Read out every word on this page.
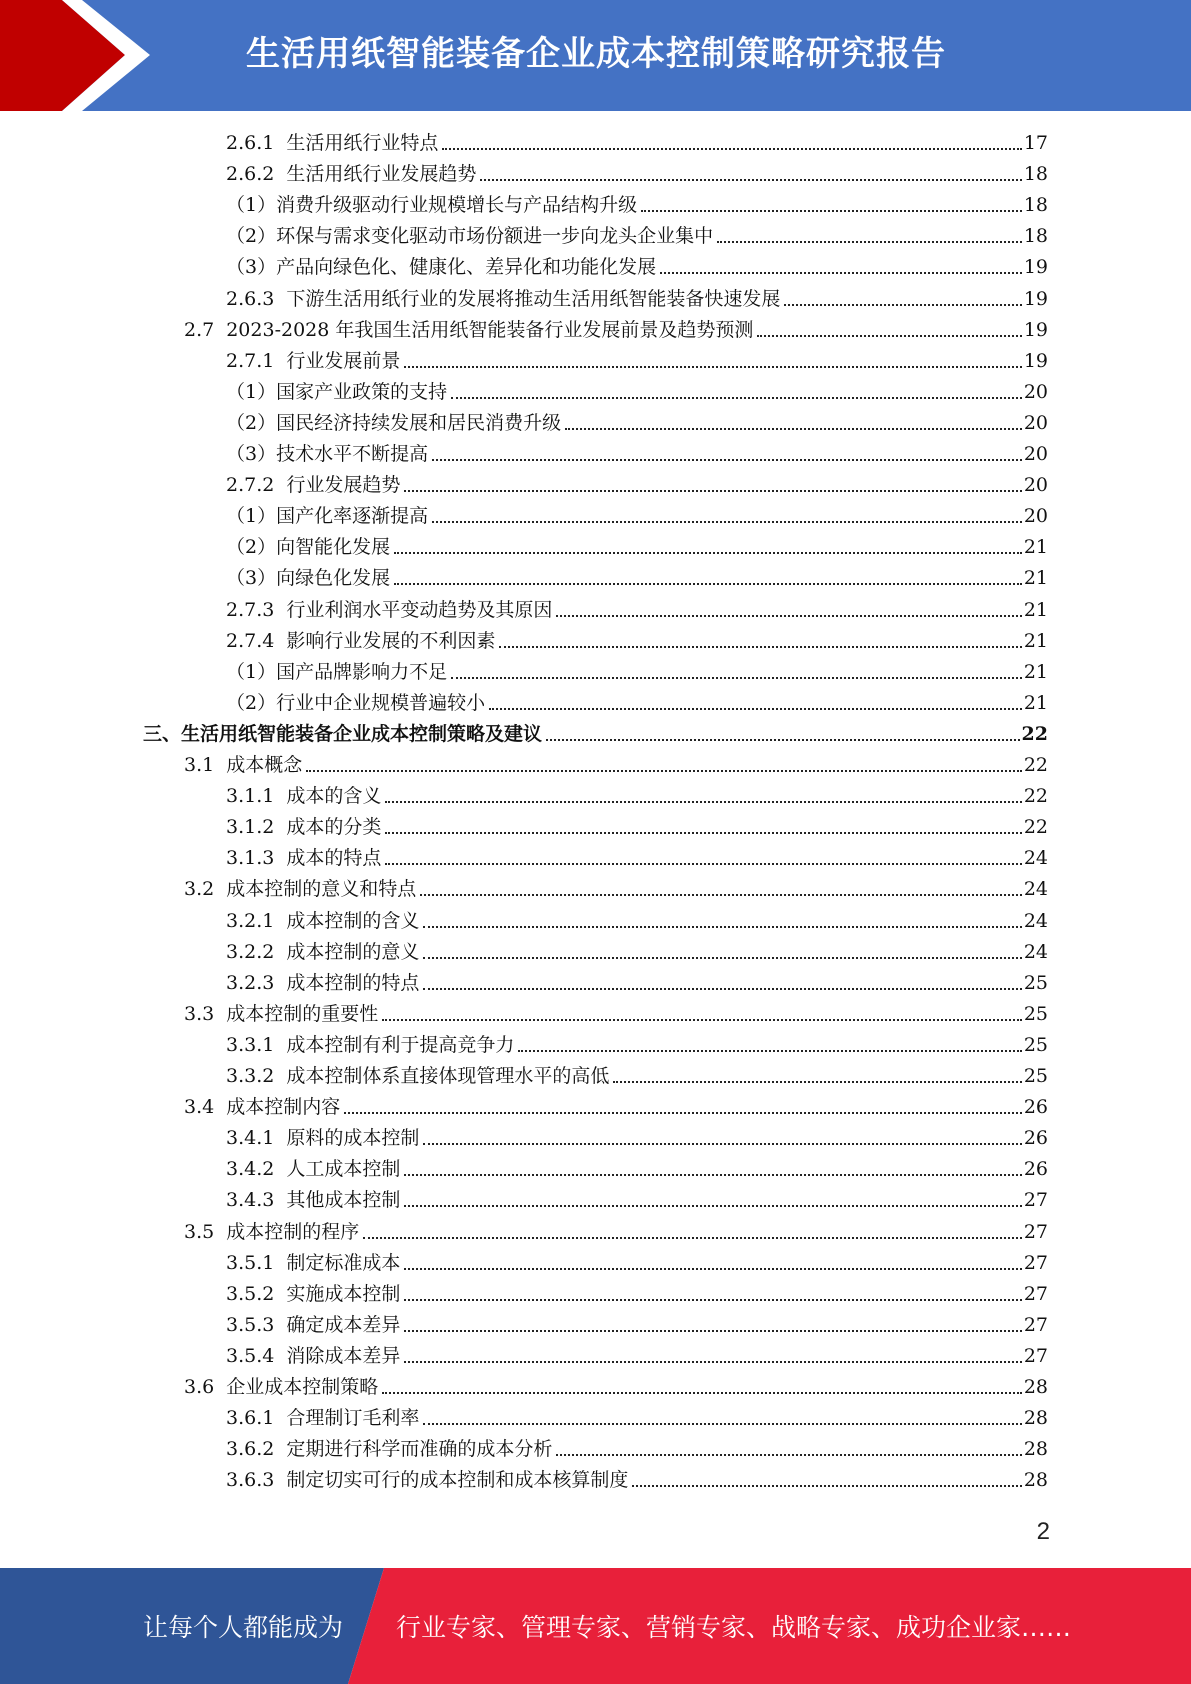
生活用纸智能装备企业成本控制策略研究报告
2.6.1 生活用纸行业特点	17
2.6.2 生活用纸行业发展趋势	18
（1） 消费升级驱动行业规模增长与产品结构升级	18
（2） 环保与需求变化驱动市场份额进一步向龙头企业集中	18
（3） 产品向绿色化、健康化、差异化和功能化发展	19
2.6.3 下游生活用纸行业的发展将推动生活用纸智能装备快速发展	19
2.7 2023-2028 年我国生活用纸智能装备行业发展前景及趋势预测	19
2.7.1 行业发展前景	19
（1） 国家产业政策的支持	20
（2） 国民经济持续发展和居民消费升级	20
（3） 技术水平不断提高	20
2.7.2 行业发展趋势	20
（1） 国产化率逐渐提高	20
（2） 向智能化发展	21
（3） 向绿色化发展	21
2.7.3 行业利润水平变动趋势及其原因	21
2.7.4 影响行业发展的不利因素	21
（1） 国产品牌影响力不足	21
（2） 行业中企业规模普遍较小	21
三、 生活用纸智能装备企业成本控制策略及建议	22
3.1 成本概念	22
3.1.1 成本的含义	22
3.1.2 成本的分类	22
3.1.3 成本的特点	24
3.2 成本控制的意义和特点	24
3.2.1 成本控制的含义	24
3.2.2 成本控制的意义	24
3.2.3 成本控制的特点	25
3.3 成本控制的重要性	25
3.3.1 成本控制有利于提高竞争力	25
3.3.2 成本控制体系直接体现管理水平的高低	25
3.4 成本控制内容	26
3.4.1 原料的成本控制	26
3.4.2 人工成本控制	26
3.4.3 其他成本控制	27
3.5 成本控制的程序	27
3.5.1 制定标准成本	27
3.5.2 实施成本控制	27
3.5.3 确定成本差异	27
3.5.4 消除成本差异	27
3.6 企业成本控制策略	28
3.6.1 合理制订毛利率	28
3.6.2 定期进行科学而准确的成本分析	28
3.6.3 制定切实可行的成本控制和成本核算制度	28
2
让每个人都能成为 行业专家、管理专家、营销专家、战略专家、成功企业家……
